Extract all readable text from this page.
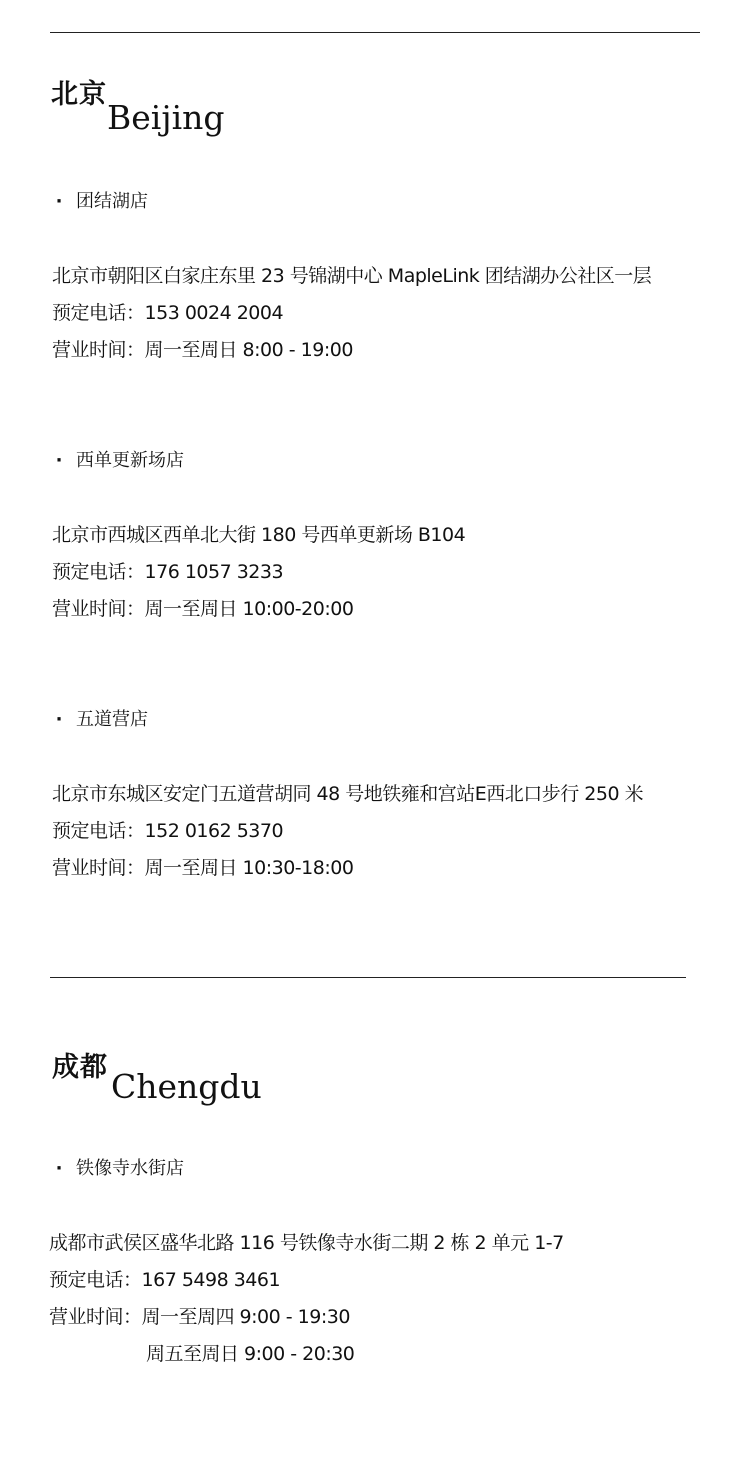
北京
Beijing
· 团结湖店
北京市朝阳区白家庄东里 23 号锦湖中心 MapleLink 团结湖办公社区一层
预定电话：153 0024 2004
营业时间：周一至周日 8:00 - 19:00
· 西单更新场店
北京市西城区西单北大街 180 号西单更新场 B104
预定电话：176 1057 3233
营业时间：周一至周日 10:00-20:00
· 五道营店
北京市东城区安定门五道营胡同 48 号地铁雍和宫站E西北口步行 250 米
预定电话：152 0162 5370
营业时间：周一至周日 10:30-18:00
成都 Chengdu
· 铁像寺水街店
成都市武侯区盛华北路 116 号铁像寺水街二期 2 栋 2 单元 1-7
预定电话：167 5498 3461
营业时间：周一至周四 9:00 - 19:30
周五至周日 9:00 - 20:30
